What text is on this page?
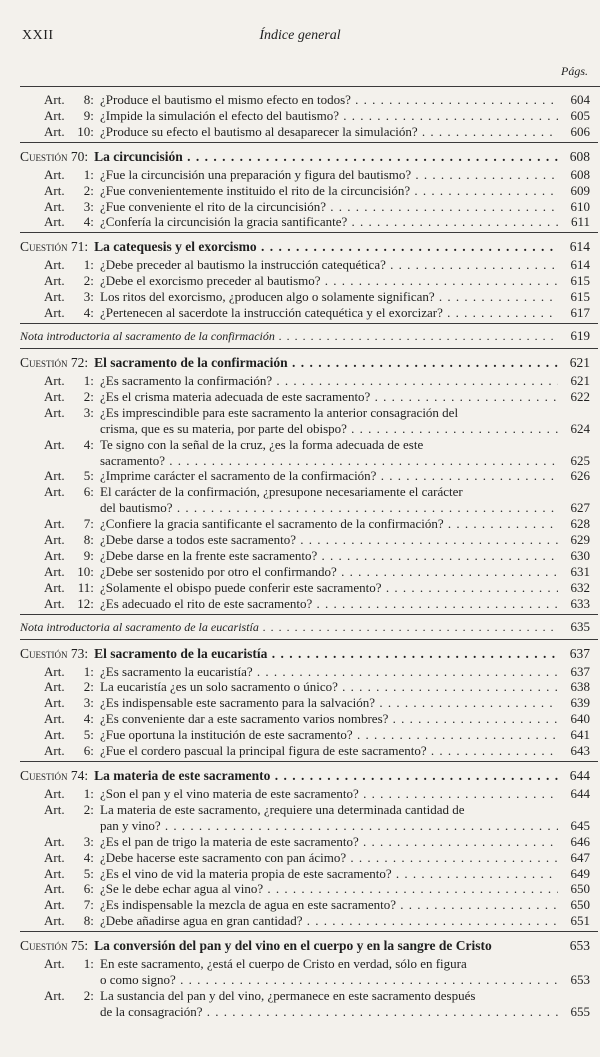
XXII	Índice general
Págs.
Art. 8: ¿Produce el bautismo el mismo efecto en todos? . . .	604
Art. 9: ¿Impide la simulación el efecto del bautismo? . . .	605
Art. 10: ¿Produce su efecto el bautismo al desaparecer la simulación? . . .	606
Cuestión 70: La circuncisión . . .	608
Art. 1: ¿Fue la circuncisión una preparación y figura del bautismo? . . .	608
Art. 2: ¿Fue convenientemente instituido el rito de la circuncisión? . . .	609
Art. 3: ¿Fue conveniente el rito de la circuncisión? . . .	610
Art. 4: ¿Confería la circuncisión la gracia santificante? . . .	611
Cuestión 71: La catequesis y el exorcismo . . .	614
Art. 1: ¿Debe preceder al bautismo la instrucción catequética? . . .	614
Art. 2: ¿Debe el exorcismo preceder al bautismo? . . .	615
Art. 3: Los ritos del exorcismo, ¿producen algo o solamente significan? . . .	615
Art. 4: ¿Pertenecen al sacerdote la instrucción catequética y el exorcizar? . . .	617
Nota introductoria al sacramento de la confirmación . . .	619
Cuestión 72: El sacramento de la confirmación . . .	621
Art. 1: ¿Es sacramento la confirmación? . . .	621
Art. 2: ¿Es el crisma materia adecuada de este sacramento? . . .	622
Art. 3: ¿Es imprescindible para este sacramento la anterior consagración del
crisma, que es su materia, por parte del obispo? . . .	624
Art. 4: Te signo con la señal de la cruz, ¿es la forma adecuada de este
sacramento? . . .	625
Art. 5: ¿Imprime carácter el sacramento de la confirmación? . . .	626
Art. 6: El carácter de la confirmación, ¿presupone necesariamente el carácter
del bautismo? . . .	627
Art. 7: ¿Confiere la gracia santificante el sacramento de la confirmación? . . .	628
Art. 8: ¿Debe darse a todos este sacramento? . . .	629
Art. 9: ¿Debe darse en la frente este sacramento? . . .	630
Art. 10: ¿Debe ser sostenido por otro el confirmando? . . .	631
Art. 11: ¿Solamente el obispo puede conferir este sacramento? . . .	632
Art. 12: ¿Es adecuado el rito de este sacramento? . . .	633
Nota introductoria al sacramento de la eucaristía . . .	635
Cuestión 73: El sacramento de la eucaristía . . .	637
Art. 1: ¿Es sacramento la eucaristía? . . .	637
Art. 2: La eucaristía ¿es un solo sacramento o único? . . .	638
Art. 3: ¿Es indispensable este sacramento para la salvación? . . .	639
Art. 4: ¿Es conveniente dar a este sacramento varios nombres? . . .	640
Art. 5: ¿Fue oportuna la institución de este sacramento? . . .	641
Art. 6: ¿Fue el cordero pascual la principal figura de este sacramento? . . .	643
Cuestión 74: La materia de este sacramento . . .	644
Art. 1: ¿Son el pan y el vino materia de este sacramento? . . .	644
Art. 2: La materia de este sacramento, ¿requiere una determinada cantidad de
pan y vino? . . .	645
Art. 3: ¿Es el pan de trigo la materia de este sacramento? . . .	646
Art. 4: ¿Debe hacerse este sacramento con pan ácimo? . . .	647
Art. 5: ¿Es el vino de vid la materia propia de este sacramento? . . .	649
Art. 6: ¿Se le debe echar agua al vino? . . .	650
Art. 7: ¿Es indispensable la mezcla de agua en este sacramento? . . .	650
Art. 8: ¿Debe añadirse agua en gran cantidad? . . .	651
Cuestión 75: La conversión del pan y del vino en el cuerpo y en la sangre de Cristo	653
Art. 1: En este sacramento, ¿está el cuerpo de Cristo en verdad, sólo en figura
o como signo? . . .	653
Art. 2: La sustancia del pan y del vino, ¿permanece en este sacramento después
de la consagración? . . .	655
